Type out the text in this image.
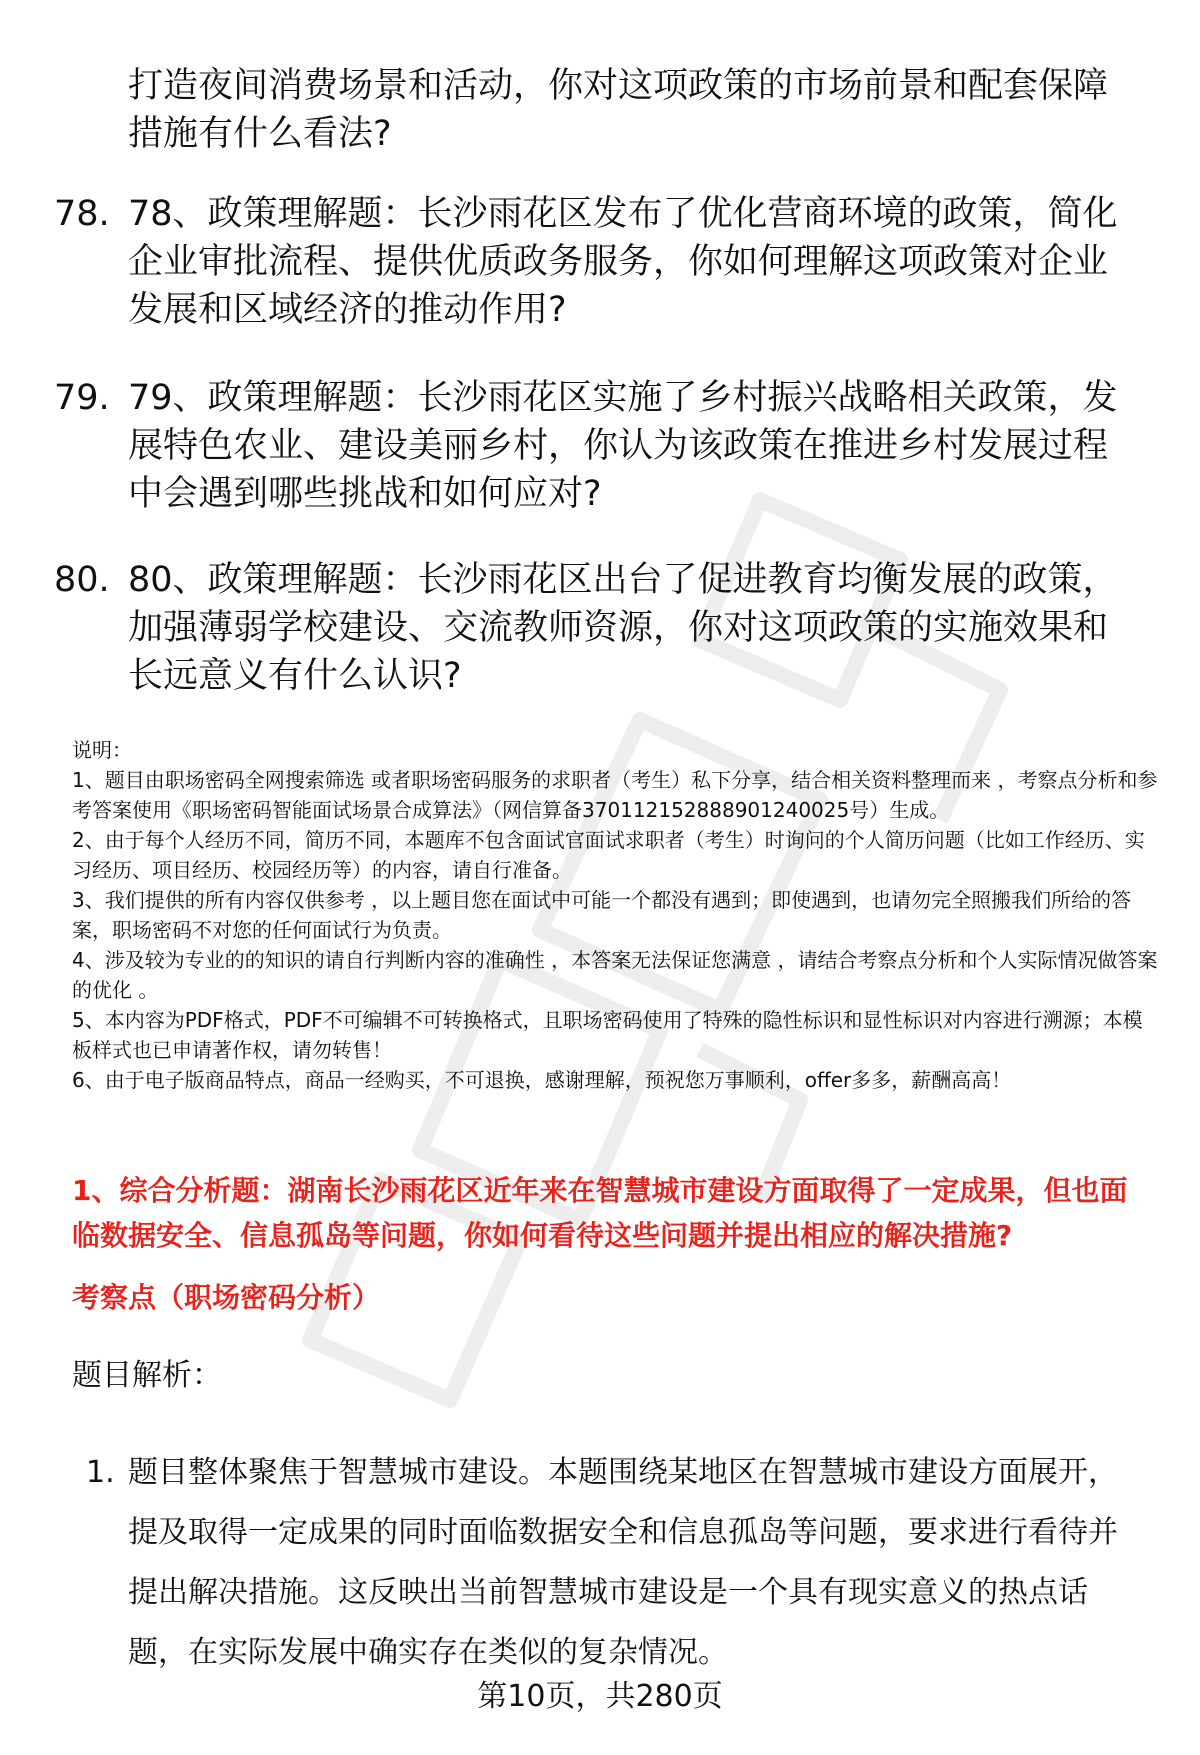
打造夜间消费场景和活动，你对这项政策的市场前景和配套保障措施有什么看法?
78. 78、政策理解题：长沙雨花区发布了优化营商环境的政策，简化企业审批流程、提供优质政务服务，你如何理解这项政策对企业发展和区域经济的推动作用?
79. 79、政策理解题：长沙雨花区实施了乡村振兴战略相关政策，发展特色农业、建设美丽乡村，你认为该政策在推进乡村发展过程中会遇到哪些挑战和如何应对?
80. 80、政策理解题：长沙雨花区出台了促进教育均衡发展的政策，加强薄弱学校建设、交流教师资源，你对这项政策的实施效果和长远意义有什么认识?
说明：
1、题目由职场密码全网搜索筛选 或者职场密码服务的求职者（考生）私下分享，结合相关资料整理而来 ，考察点分析和参考答案使用《职场密码智能面试场景合成算法》（网信算备370112152888901240025号）生成。
2、由于每个人经历不同，简历不同，本题库不包含面试官面试求职者（考生）时询问的个人简历问题（比如工作经历、实习经历、项目经历、校园经历等）的内容，请自行准备。
3、我们提供的所有内容仅供参考 ，以上题目您在面试中可能一个都没有遇到；即使遇到，也请勿完全照搬我们所给的答案，职场密码不对您的任何面试行为负责。
4、涉及较为专业的的知识的请自行判断内容的准确性 ，本答案无法保证您满意 ，请结合考察点分析和个人实际情况做答案的优化 。
5、本内容为PDF格式，PDF不可编辑不可转换格式，且职场密码使用了特殊的隐性标识和显性标识对内容进行溯源；本模板样式也已申请著作权，请勿转售！
6、由于电子版商品特点，商品一经购买，不可退换，感谢理解，预祝您万事顺利，offer多多，薪酬高高！
1、综合分析题：湖南长沙雨花区近年来在智慧城市建设方面取得了一定成果，但也面临数据安全、信息孤岛等问题，你如何看待这些问题并提出相应的解决措施?
考察点（职场密码分析）
题目解析：
1. 题目整体聚焦于智慧城市建设。本题围绕某地区在智慧城市建设方面展开，提及取得一定成果的同时面临数据安全和信息孤岛等问题，要求进行看待并提出解决措施。这反映出当前智慧城市建设是一个具有现实意义的热点话题，在实际发展中确实存在类似的复杂情况。
第10页，共280页
